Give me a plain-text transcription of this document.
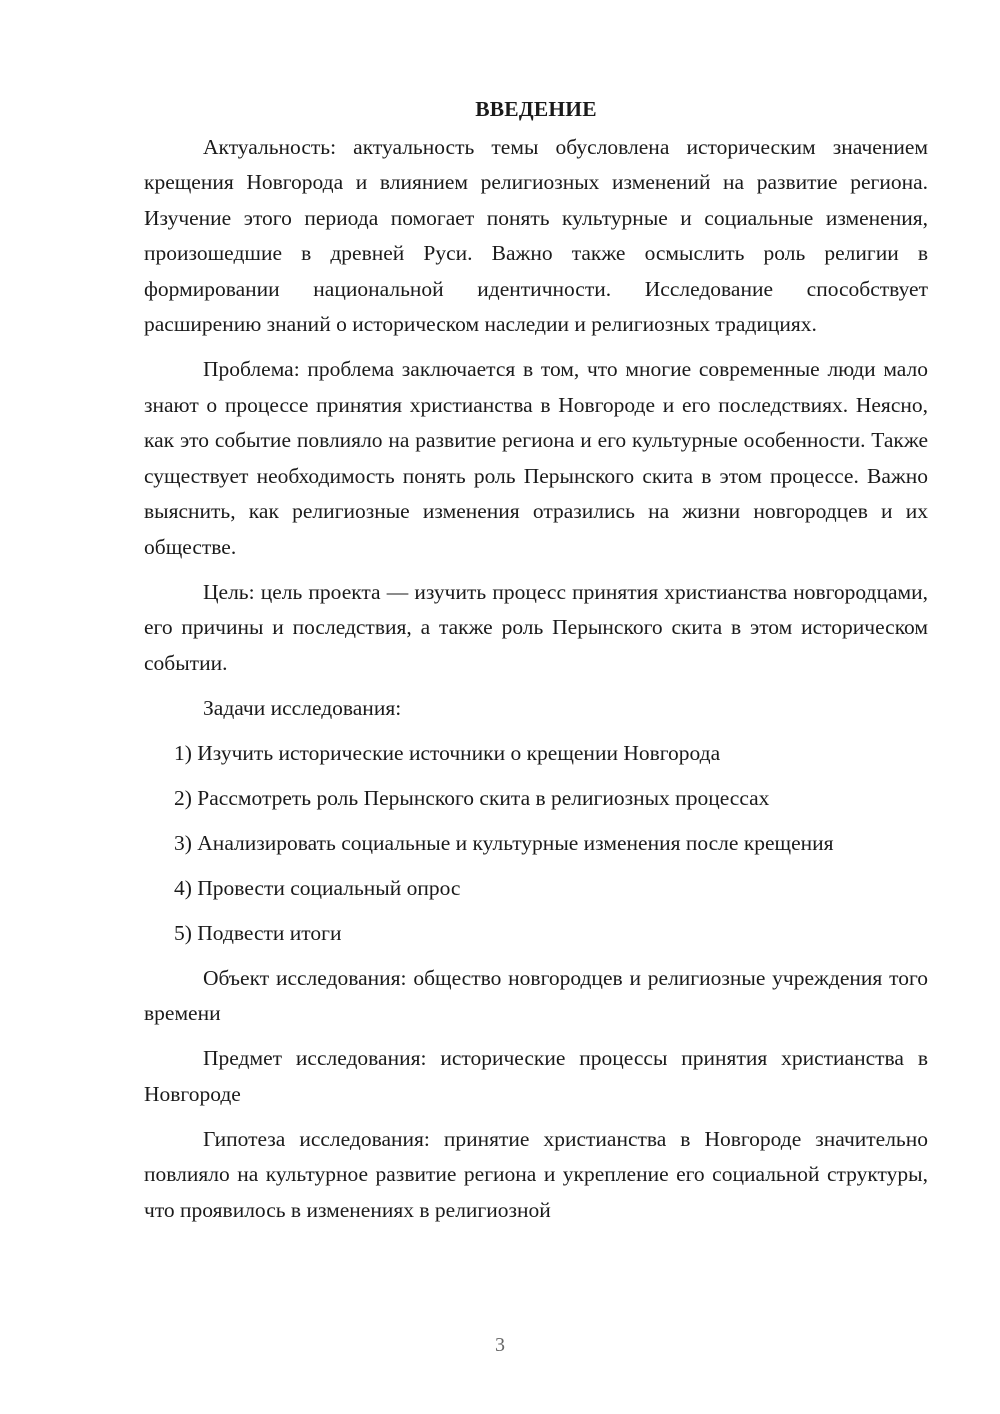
ВВЕДЕНИЕ

Актуальность: актуальность темы обусловлена историческим значением крещения Новгорода и влиянием религиозных изменений на развитие региона. Изучение этого периода помогает понять культурные и социальные изменения, произошедшие в древней Руси. Важно также осмыслить роль религии в формировании национальной идентичности. Исследование способствует расширению знаний о историческом наследии и религиозных традициях.

Проблема: проблема заключается в том, что многие современные люди мало знают о процессе принятия христианства в Новгороде и его последствиях. Неясно, как это событие повлияло на развитие региона и его культурные особенности. Также существует необходимость понять роль Перынского скита в этом процессе. Важно выяснить, как религиозные изменения отразились на жизни новгородцев и их обществе.

Цель: цель проекта — изучить процесс принятия христианства новгородцами, его причины и последствия, а также роль Перынского скита в этом историческом событии.

Задачи исследования:

1) Изучить исторические источники о крещении Новгорода

2) Рассмотреть роль Перынского скита в религиозных процессах

3) Анализировать социальные и культурные изменения после крещения

4) Провести социальный опрос

5) Подвести итоги

Объект исследования: общество новгородцев и религиозные учреждения того времени

Предмет исследования: исторические процессы принятия христианства в Новгороде

Гипотеза исследования: принятие христианства в Новгороде значительно повлияло на культурное развитие региона и укрепление его социальной структуры, что проявилось в изменениях в религиозной

3
